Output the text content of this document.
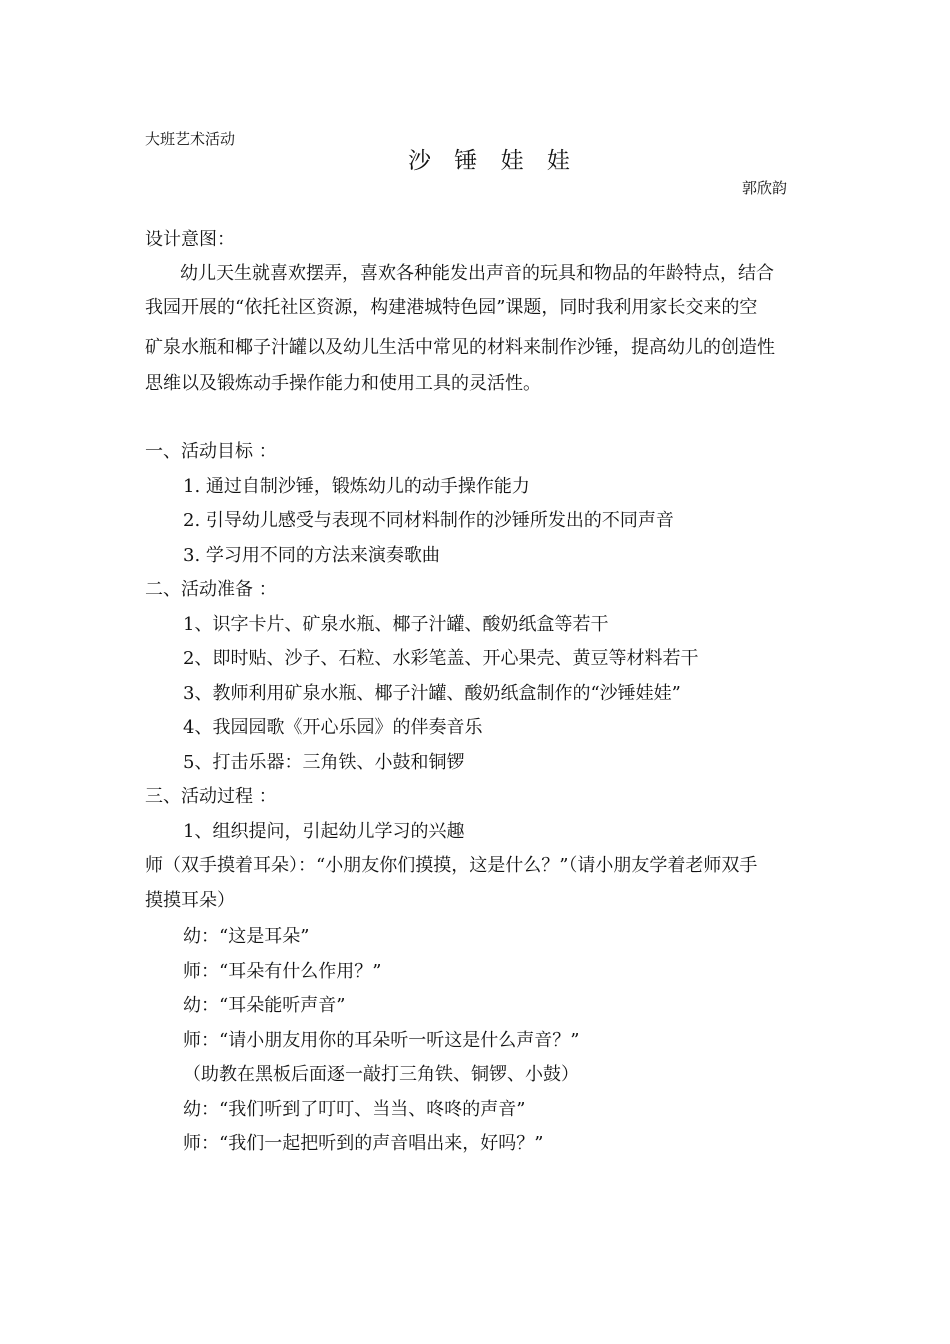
大班艺术活动
沙 锤 娃 娃
郭欣韵
设计意图：
幼儿天生就喜欢摆弄，喜欢各种能发出声音的玩具和物品的年龄特点，结合
我园开展的“依托社区资源，构建港城特色园”课题，同时我利用家长交来的空
矿泉水瓶和椰子汁罐以及幼儿生活中常见的材料来制作沙锤，提高幼儿的创造性
思维以及锻炼动手操作能力和使用工具的灵活性。
一、活动目标 ：
1. 通过自制沙锤，锻炼幼儿的动手操作能力
2. 引导幼儿感受与表现不同材料制作的沙锤所发出的不同声音
3. 学习用不同的方法来演奏歌曲
二、活动准备 ：
1、识字卡片、矿泉水瓶、椰子汁罐、酸奶纸盒等若干
2、即时贴、沙子、石粒、水彩笔盖、开心果壳、黄豆等材料若干
3、教师利用矿泉水瓶、椰子汁罐、酸奶纸盒制作的“沙锤娃娃”
4、我园园歌《开心乐园》的伴奏音乐
5、打击乐器：三角铁、小鼓和铜锣
三、活动过程 ：
1、组织提问，引起幼儿学习的兴趣
师（双手摸着耳朵）：“小朋友你们摸摸，这是什么？”（请小朋友学着老师双手
摸摸耳朵）
幼：“这是耳朵”
师：“耳朵有什么作用？”
幼：“耳朵能听声音”
师：“请小朋友用你的耳朵听一听这是什么声音？”
（助教在黑板后面逐一敲打三角铁、铜锣、小鼓）
幼：“我们听到了叮叮、当当、咚咚的声音”
师：“我们一起把听到的声音唱出来，好吗？”
